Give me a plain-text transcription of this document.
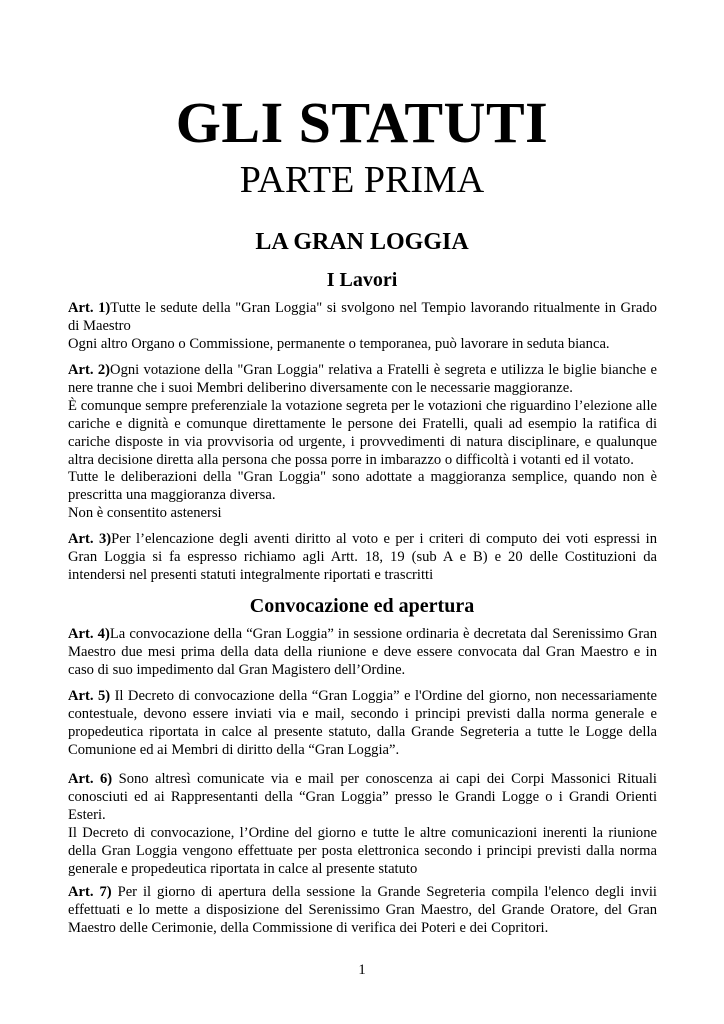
GLI STATUTI
PARTE PRIMA
LA GRAN LOGGIA
I Lavori

Art. 1)Tutte le sedute della "Gran Loggia" si svolgono nel Tempio lavorando ritualmente in Grado di Maestro

Ogni altro Organo o Commissione, permanente o temporanea, può lavorare in seduta bianca.

Art. 2)Ogni votazione della "Gran Loggia" relativa a Fratelli è segreta e utilizza le biglie bianche e nere tranne che i suoi Membri deliberino diversamente con le necessarie maggioranze.

È comunque sempre preferenziale la votazione segreta per le votazioni che riguardino l’elezione alle cariche e dignità e comunque direttamente le persone dei Fratelli, quali ad esempio la ratifica di cariche disposte in via provvisoria od urgente, i provvedimenti di natura disciplinare, e qualunque altra decisione diretta alla persona che possa porre in imbarazzo o difficoltà i votanti ed il votato.

Tutte le deliberazioni della "Gran Loggia" sono adottate a maggioranza semplice, quando non è prescritta una maggioranza diversa.

Non è consentito astenersi

Art. 3)Per l’elencazione degli aventi diritto al voto e per i criteri di computo dei voti espressi in Gran Loggia si fa espresso richiamo agli Artt. 18, 19 (sub A e B) e 20 delle Costituzioni da intendersi nel presenti statuti integralmente riportati e trascritti

Convocazione ed apertura

Art. 4)La convocazione della “Gran Loggia” in sessione ordinaria è decretata dal Serenissimo Gran Maestro due mesi prima della data della riunione e deve essere convocata dal Gran Maestro e in caso di suo impedimento dal Gran Magistero dell’Ordine.

Art. 5) Il Decreto di convocazione della “Gran Loggia” e l'Ordine del giorno, non necessariamente contestuale, devono essere inviati via e mail, secondo i principi previsti dalla norma generale e propedeutica riportata in calce al presente statuto, dalla Grande Segreteria a tutte le Logge della Comunione ed ai Membri di diritto della “Gran Loggia”.

Art. 6) Sono altresì comunicate via e mail per conoscenza ai capi dei Corpi Massonici Rituali conosciuti ed ai Rappresentanti della “Gran Loggia” presso le Grandi Logge o i Grandi Orienti Esteri.

Il Decreto di convocazione, l’Ordine del giorno e tutte le altre comunicazioni inerenti la riunione della Gran Loggia vengono effettuate per posta elettronica secondo i principi previsti dalla norma generale e propedeutica riportata in calce al presente statuto

Art. 7) Per il giorno di apertura della sessione la Grande Segreteria compila l'elenco degli invii effettuati e lo mette a disposizione del Serenissimo Gran Maestro, del Grande Oratore, del Gran Maestro delle Cerimonie, della Commissione di verifica dei Poteri e dei Copritori.

1
